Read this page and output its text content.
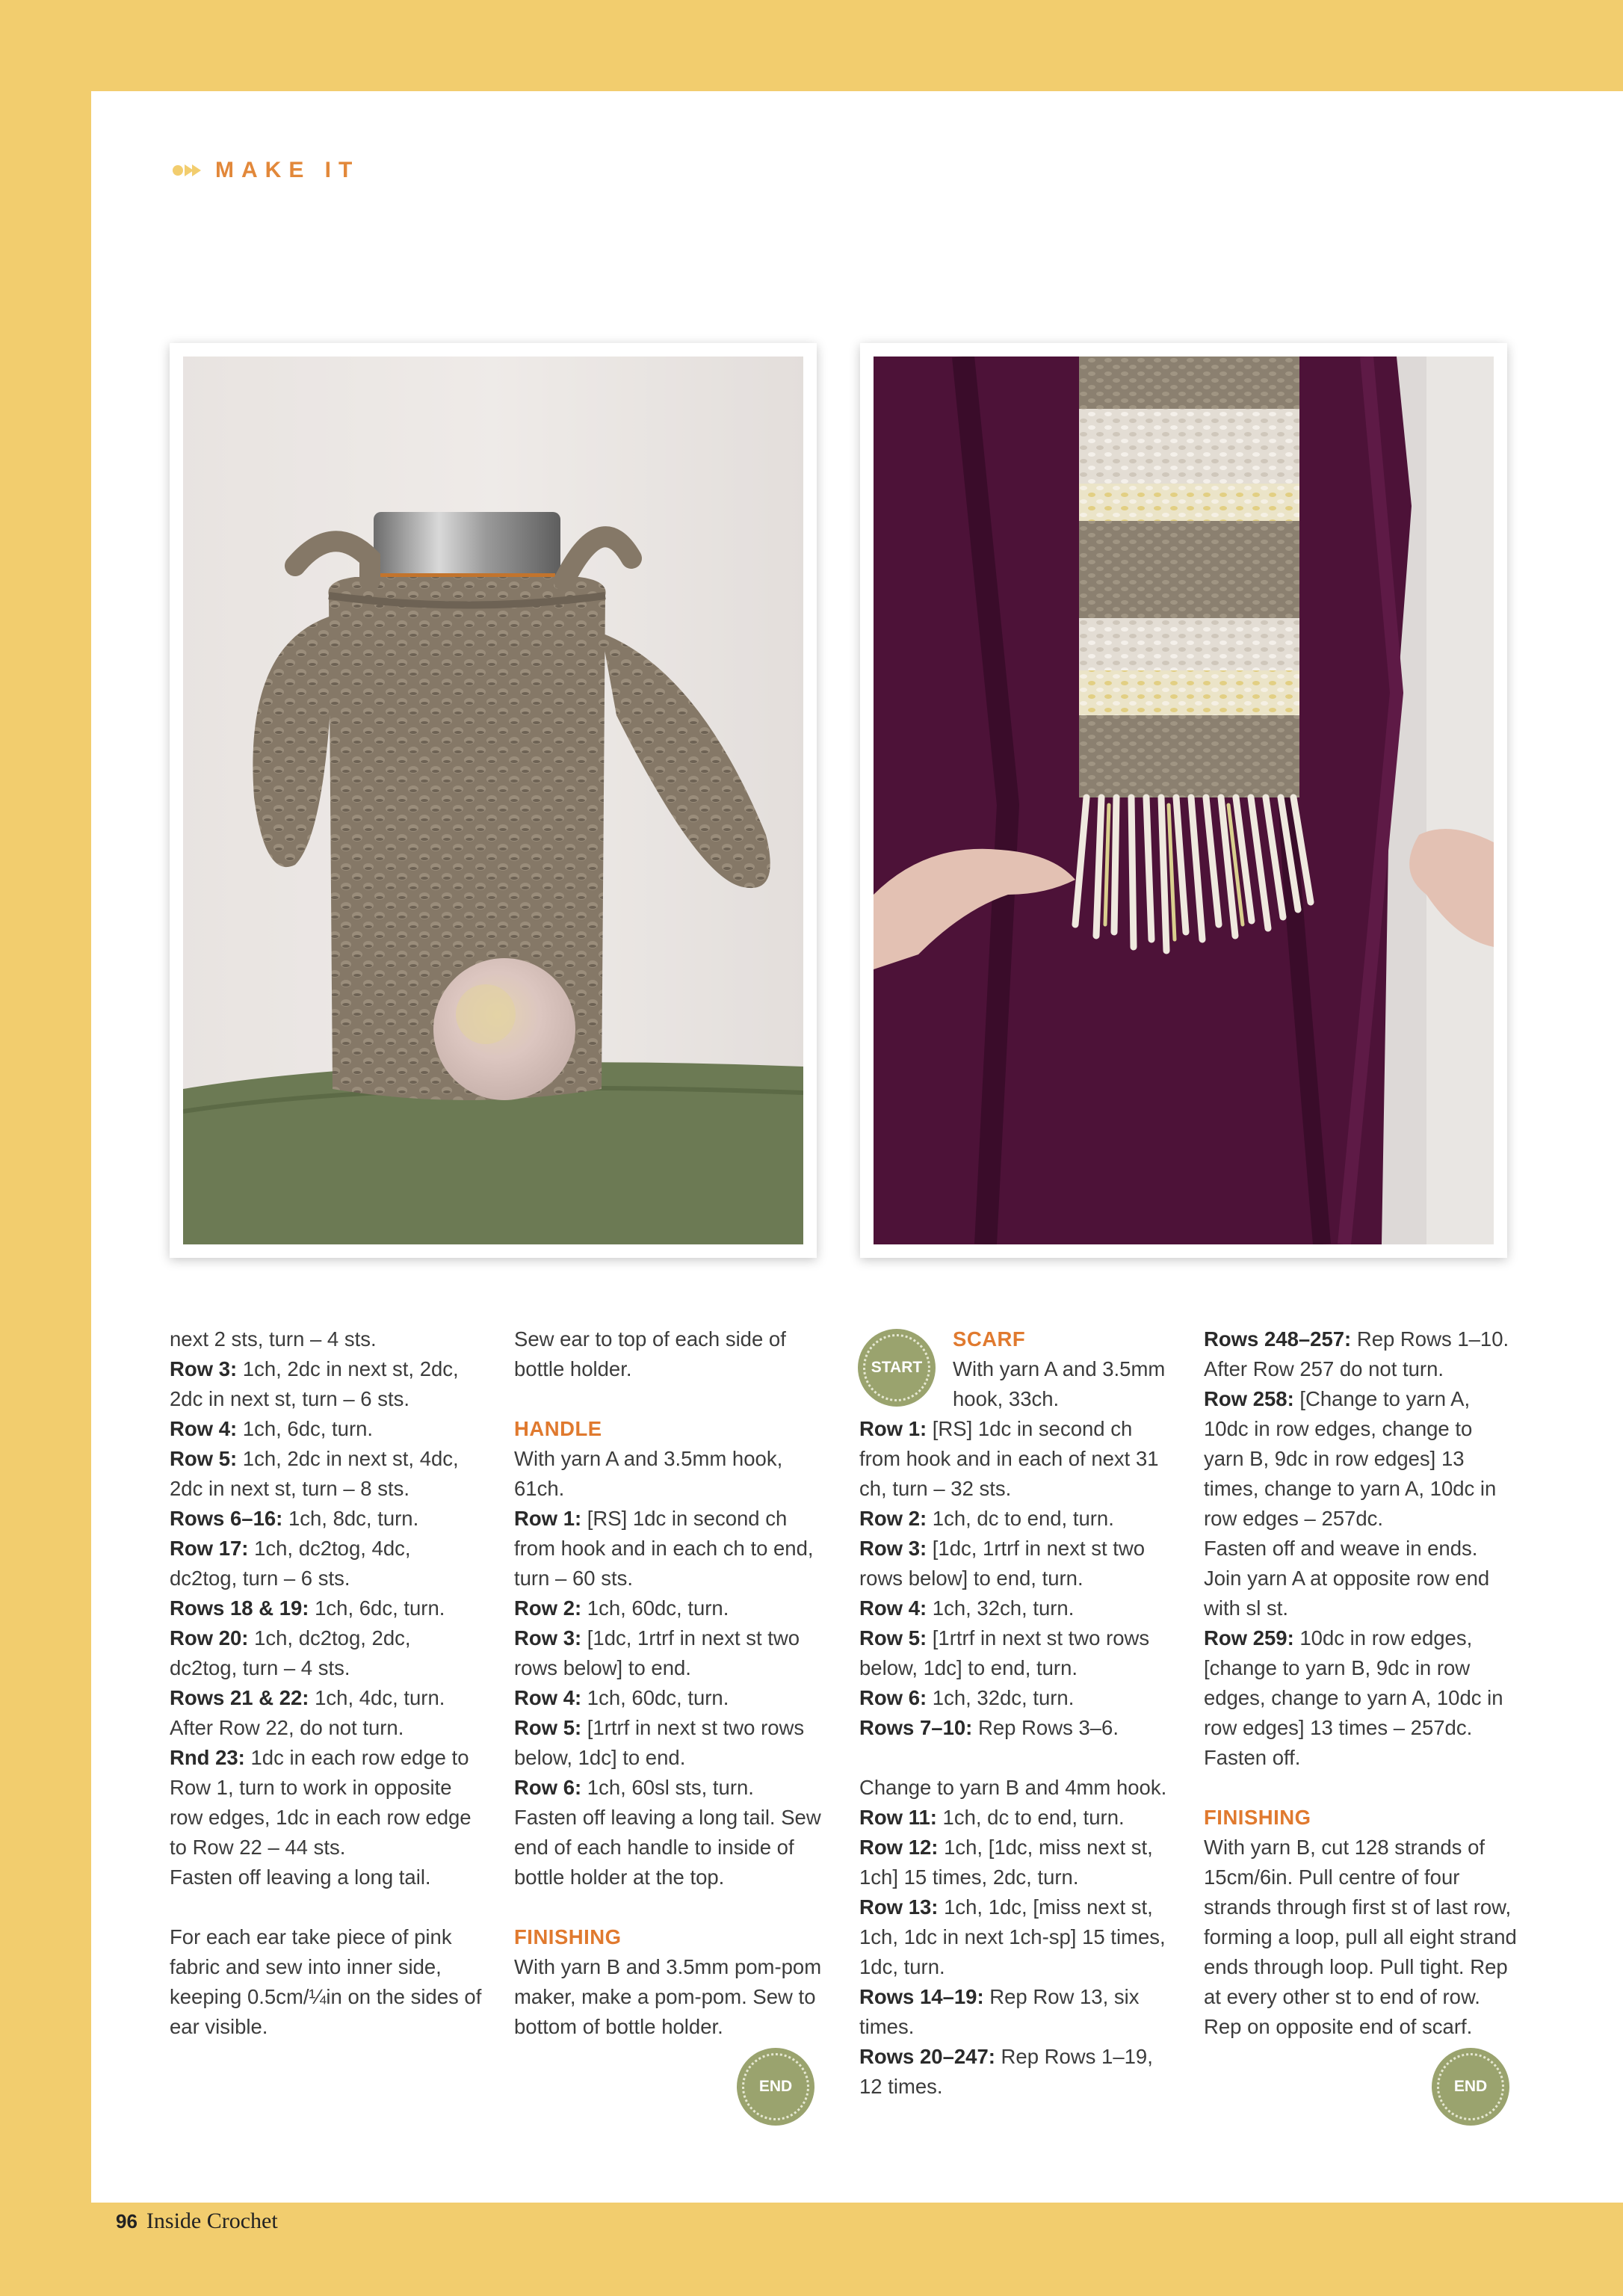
MAKE IT

next 2 sts, turn – 4 sts.

Row 3: 1ch, 2dc in next st, 2dc, 2dc in next st, turn – 6 sts.

Row 4: 1ch, 6dc, turn.

Row 5: 1ch, 2dc in next st, 4dc, 2dc in next st, turn – 8 sts.

Rows 6–16: 1ch, 8dc, turn.

Row 17: 1ch, dc2tog, 4dc, dc2tog, turn – 6 sts.

Rows 18 & 19: 1ch, 6dc, turn.

Row 20: 1ch, dc2tog, 2dc, dc2tog, turn – 4 sts.

Rows 21 & 22: 1ch, 4dc, turn.

After Row 22, do not turn.

Rnd 23: 1dc in each row edge to Row 1, turn to work in opposite row edges, 1dc in each row edge to Row 22 – 44 sts.

Fasten off leaving a long tail.

For each ear take piece of pink fabric and sew into inner side, keeping 0.5cm/¼in on the sides of ear visible.

Sew ear to top of each side of bottle holder.

HANDLE

With yarn A and 3.5mm hook, 61ch.

Row 1: [RS] 1dc in second ch from hook and in each ch to end, turn – 60 sts.

Row 2: 1ch, 60dc, turn.

Row 3: [1dc, 1rtrf in next st two rows below] to end.

Row 4: 1ch, 60dc, turn.

Row 5: [1rtrf in next st two rows below, 1dc] to end.

Row 6: 1ch, 60sl sts, turn.

Fasten off leaving a long tail. Sew end of each handle to inside of bottle holder at the top.

FINISHING

With yarn B and 3.5mm pom-pom maker, make a pom-pom. Sew to bottom of bottle holder.

SCARF

With yarn A and 3.5mm hook, 33ch.

Row 1: [RS] 1dc in second ch from hook and in each of next 31 ch, turn – 32 sts.

Row 2: 1ch, dc to end, turn.

Row 3: [1dc, 1rtrf in next st two rows below] to end, turn.

Row 4: 1ch, 32ch, turn.

Row 5: [1rtrf in next st two rows below, 1dc] to end, turn.

Row 6: 1ch, 32dc, turn.

Rows 7–10: Rep Rows 3–6.

Change to yarn B and 4mm hook.

Row 11: 1ch, dc to end, turn.

Row 12: 1ch, [1dc, miss next st, 1ch] 15 times, 2dc, turn.

Row 13: 1ch, 1dc, [miss next st, 1ch, 1dc in next 1ch-sp] 15 times, 1dc, turn.

Rows 14–19: Rep Row 13, six times.

Rows 20–247: Rep Rows 1–19, 12 times.

Rows 248–257: Rep Rows 1–10.

After Row 257 do not turn.

Row 258: [Change to yarn A, 10dc in row edges, change to yarn B, 9dc in row edges] 13 times, change to yarn A, 10dc in row edges – 257dc.

Fasten off and weave in ends. Join yarn A at opposite row end with sl st.

Row 259: 10dc in row edges, [change to yarn B, 9dc in row edges, change to yarn A, 10dc in row edges] 13 times – 257dc. Fasten off.

FINISHING

With yarn B, cut 128 strands of 15cm/6in. Pull centre of four strands through first st of last row, forming a loop, pull all eight strand ends through loop. Pull tight. Rep at every other st to end of row. Rep on opposite end of scarf.

START
END	END
96 Inside Crochet
